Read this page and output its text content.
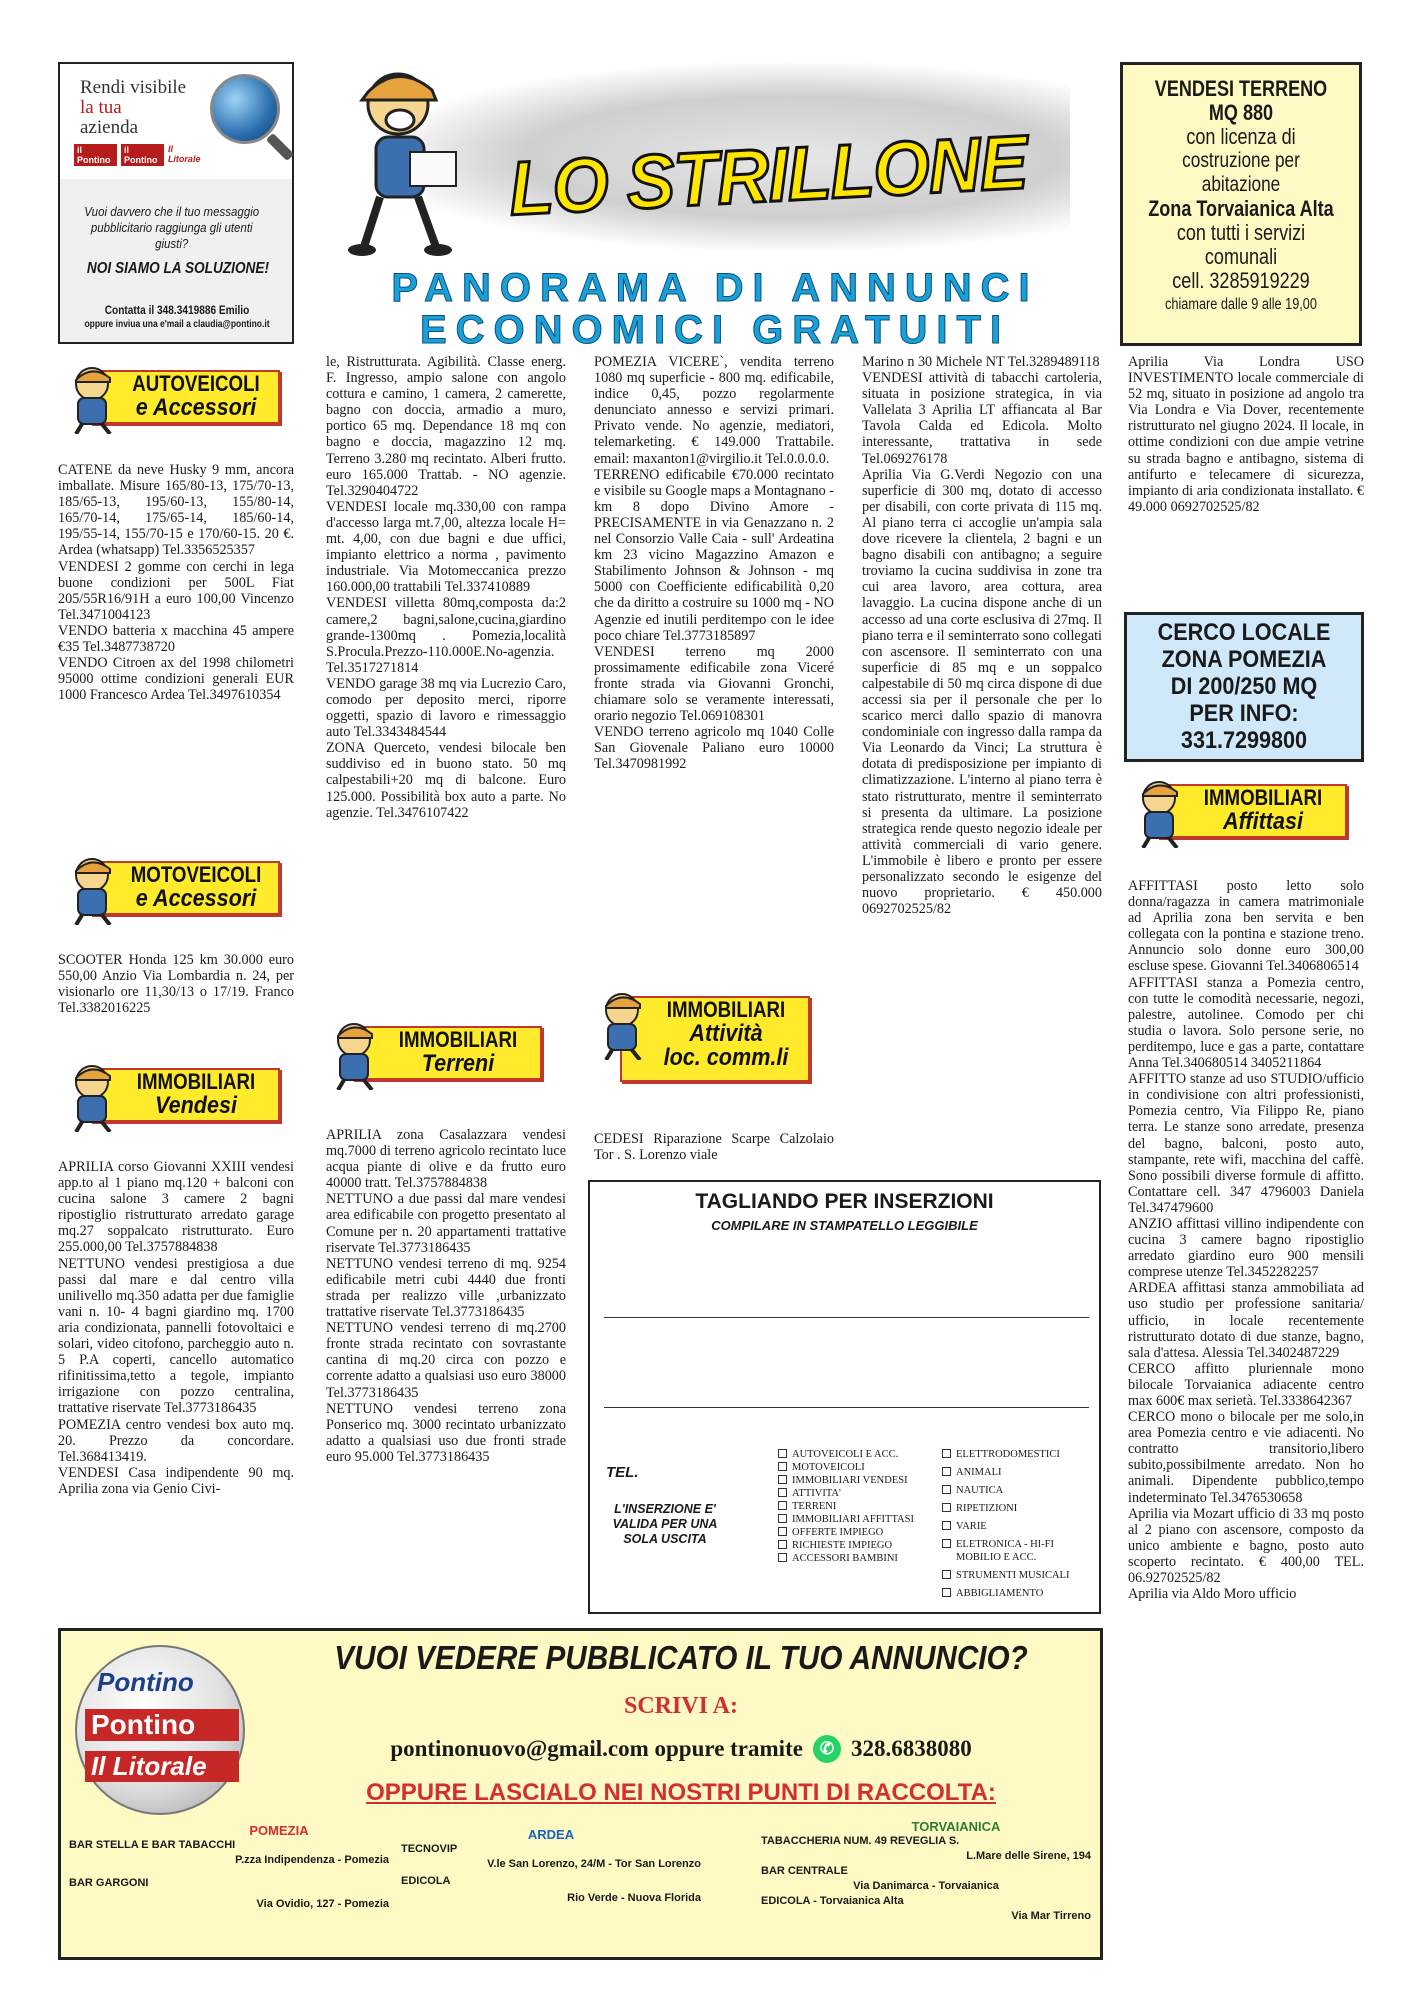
Rendi visibile
la tua
azienda
il Pontino
il Pontino
Il Litorale
Vuoi davvero che il tuo messaggio pubblicitario raggiunga gli utenti giusti?
NOI SIAMO LA SOLUZIONE!
Contatta il 348.3419886 Emilio
oppure inviua una e'mail a claudia@pontino.it
LO STRILLONE
PANORAMA DI ANNUNCI
ECONOMICI GRATUITI
VENDESI TERRENO
MQ 880
con licenza di
costruzione per abitazione
Zona Torvaianica Alta
con tutti i servizi
comunali
cell. 3285919229
chiamare dalle 9 alle 19,00
AUTOVEICOLI
e Accessori
MOTOVEICOLI
e Accessori
IMMOBILIARI
Vendesi
IMMOBILIARI
Terreni
IMMOBILIARI
Attività
loc. comm.li
IMMOBILIARI
Affittasi

CATENE da neve Husky 9 mm, ancora imballate. Misure 165/80-13, 175/70-13, 185/65-13, 195/60-13, 155/80-14, 165/70-14, 175/65-14, 185/60-14, 195/55-14, 155/70-15 e 170/60-15. 20 €. Ardea (whatsapp) Tel.3356525357

VENDESI 2 gomme con cerchi in lega buone condizioni per 500L Fiat 205/55R16/91H a euro 100,00 Vincenzo Tel.3471004123

VENDO batteria x macchina 45 ampere €35 Tel.3487738720

VENDO Citroen ax del 1998 chilometri 95000 ottime condizioni generali EUR 1000 Francesco Ardea Tel.3497610354

SCOOTER Honda 125 km 30.000 euro 550,00 Anzio Via Lombardia n. 24, per visionarlo ore 11,30/13 o 17/19. Franco Tel.3382016225

APRILIA corso Giovanni XXIII vendesi app.to al 1 piano mq.120 + balconi con cucina salone 3 camere 2 bagni ripostiglio ristrutturato arredato garage mq.27 soppalcato ristrutturato. Euro 255.000,00 Tel.3757884838

NETTUNO vendesi prestigiosa a due passi dal mare e dal centro villa unilivello mq.350 adatta per due famiglie vani n. 10- 4 bagni giardino mq. 1700 aria condizionata, pannelli fotovoltaici e solari, video citofono, parcheggio auto n. 5 P.A coperti, cancello automatico rifinitissima,tetto a tegole, impianto irrigazione con pozzo centralina, trattative riservate Tel.3773186435

POMEZIA centro vendesi box auto mq. 20. Prezzo da concordare. Tel.368413419.

VENDESI Casa indipendente 90 mq. Aprilia zona via Genio Civi-

le, Ristrutturata. Agibilità. Classe energ. F. Ingresso, ampio salone con angolo cottura e camino, 1 camera, 2 camerette, bagno con doccia, armadio a muro, portico 65 mq. Dependance 18 mq con bagno e doccia, magazzino 12 mq. Terreno 3.280 mq recintato. Alberi frutto. euro 165.000 Trattab. - NO agenzie. Tel.3290404722

VENDESI locale mq.330,00 con rampa d'accesso larga mt.7,00, altezza locale H= mt. 4,00, con due bagni e due uffici, impianto elettrico a norma , pavimento industriale. Via Motomeccanica prezzo 160.000,00 trattabili Tel.337410889

VENDESI villetta 80mq,composta da:2 camere,2 bagni,salone,cucina,giardino grande-1300mq . Pomezia,località S.Procula.Prezzo-110.000E.No-agenzia. Tel.3517271814

VENDO garage 38 mq via Lucrezio Caro, comodo per deposito merci, riporre oggetti, spazio di lavoro e rimessaggio auto Tel.3343484544

ZONA Querceto, vendesi bilocale ben suddiviso ed in buono stato. 50 mq calpestabili+20 mq di balcone. Euro 125.000. Possibilità box auto a parte. No agenzie. Tel.3476107422

APRILIA zona Casalazzara vendesi mq.7000 di terreno agricolo recintato luce acqua piante di olive e da frutto euro 40000 tratt. Tel.3757884838

NETTUNO a due passi dal mare vendesi area edificabile con progetto presentato al Comune per n. 20 appartamenti trattative riservate Tel.3773186435

NETTUNO vendesi terreno di mq. 9254 edificabile metri cubi 4440 due fronti strada per realizzo ville ,urbanizzato trattative riservate Tel.3773186435

NETTUNO vendesi terreno di mq.2700 fronte strada recintato con sovrastante cantina di mq.20 circa con pozzo e corrente adatto a qualsiasi uso euro 38000 Tel.3773186435

NETTUNO vendesi terreno zona Ponserico mq. 3000 recintato urbanizzato adatto a qualsiasi uso due fronti strade euro 95.000 Tel.3773186435

POMEZIA VICERE`, vendita terreno 1080 mq superficie - 800 mq. edificabile, indice 0,45, pozzo regolarmente denunciato annesso e servizi primari. Privato vende. No agenzie, mediatori, telemarketing. € 149.000 Trattabile. email: maxanton1@virgilio.it Tel.0.0.0.0.

TERRENO edificabile €70.000 recintato e visibile su Google maps a Montagnano - km 8 dopo Divino Amore - PRECISAMENTE in via Genazzano n. 2 nel Consorzio Valle Caia - sull' Ardeatina km 23 vicino Magazzino Amazon e Stabilimento Johnson & Johnson - mq 5000 con Coefficiente edificabilità 0,20 che da diritto a costruire su 1000 mq - NO Agenzie ed inutili perditempo con le idee poco chiare Tel.3773185897

VENDESI terreno mq 2000 prossimamente edificabile zona Viceré fronte strada via Giovanni Gronchi, chiamare solo se veramente interessati, orario negozio Tel.069108301

VENDO terreno agricolo mq 1040 Colle San Giovenale Paliano euro 10000 Tel.3470981992

CEDESI Riparazione Scarpe Calzolaio Tor . S. Lorenzo viale

Marino n 30 Michele NT Tel.3289489118

VENDESI attività di tabacchi cartoleria, situata in posizione strategica, in via Vallelata 3 Aprilia LT affiancata al Bar Tavola Calda ed Edicola. Molto interessante, trattativa in sede Tel.069276178

Aprilia Via G.Verdi Negozio con una superficie di 300 mq, dotato di accesso per disabili, con corte privata di 115 mq. Al piano terra ci accoglie un'ampia sala dove ricevere la clientela, 2 bagni e un bagno disabili con antibagno; a seguire troviamo la cucina suddivisa in zone tra cui area lavoro, area cottura, area lavaggio. La cucina dispone anche di un accesso ad una corte esclusiva di 27mq. Il piano terra e il seminterrato sono collegati con ascensore. Il seminterrato con una superficie di 85 mq e un soppalco calpestabile di 50 mq circa dispone di due accessi sia per il personale che per lo scarico merci dallo spazio di manovra condominiale con ingresso dalla rampa da Via Leonardo da Vinci; La struttura è dotata di predisposizione per impianto di climatizzazione. L'interno al piano terra è stato ristrutturato, mentre il seminterrato si presenta da ultimare. La posizione strategica rende questo negozio ideale per attività commerciali di vario genere. L'immobile è libero e pronto per essere personalizzato secondo le esigenze del nuovo proprietario. € 450.000 0692702525/82

Aprilia Via Londra USO INVESTIMENTO locale commerciale di 52 mq, situato in posizione ad angolo tra Via Londra e Via Dover, recentemente ristrutturato nel giugno 2024. Il locale, in ottime condizioni con due ampie vetrine su strada bagno e antibagno, sistema di antifurto e telecamere di sicurezza, impianto di aria condizionata installato. € 49.000 0692702525/82

CERCO LOCALE
ZONA POMEZIA
DI 200/250 MQ
PER INFO:
331.7299800

AFFITTASI posto letto solo donna/ragazza in camera matrimoniale ad Aprilia zona ben servita e ben collegata con la pontina e stazione treno. Annuncio solo donne euro 300,00 escluse spese. Giovanni Tel.3406806514

AFFITTASI stanza a Pomezia centro, con tutte le comodità necessarie, negozi, palestre, autolinee. Comodo per chi studia o lavora. Solo persone serie, no perditempo, luce e gas a parte, contattare Anna Tel.340680514 3405211864

AFFITTO stanze ad uso STUDIO/ufficio in condivisione con altri professionisti, Pomezia centro, Via Filippo Re, piano terra. Le stanze sono arredate, presenza del bagno, balconi, posto auto, stampante, rete wifi, macchina del caffè. Sono possibili diverse formule di affitto. Contattare cell. 347 4796003 Daniela Tel.347479600

ANZIO affittasi villino indipendente con cucina 3 camere bagno ripostiglio arredato giardino euro 900 mensili comprese utenze Tel.3452282257

ARDEA affittasi stanza ammobiliata ad uso studio per professione sanitaria/ ufficio, in locale recentemente ristrutturato dotato di due stanze, bagno, sala d'attesa. Alessia Tel.3402487229

CERCO affitto pluriennale mono bilocale Torvaianica adiacente centro max 600€ max serietà. Tel.3338642367

CERCO mono o bilocale per me solo,in area Pomezia centro e vie adiacenti. No contratto transitorio,libero subito,possibilmente arredato. Non ho animali. Dipendente pubblico,tempo indeterminato Tel.3476530658

Aprilia via Mozart ufficio di 33 mq posto al 2 piano con ascensore, composto da unico ambiente e bagno, posto auto scoperto recintato. € 400,00 TEL. 06.92702525/82

Aprilia via Aldo Moro ufficio

TAGLIANDO PER INSERZIONI
COMPILARE IN STAMPATELLO LEGGIBILE
TEL.
L'INSERZIONE E' VALIDA PER UNA SOLA USCITA
AUTOVEICOLI E ACC.
MOTOVEICOLI
IMMOBILIARI VENDESI
ATTIVITA'
TERRENI
IMMOBILIARI AFFITTASI
OFFERTE IMPIEGO
RICHIESTE IMPIEGO
ACCESSORI BAMBINI
ELETTRODOMESTICI
ANIMALI
NAUTICA
RIPETIZIONI
VARIE
ELETRONICA - HI-FI MOBILIO E ACC.
STRUMENTI MUSICALI
ABBIGLIAMENTO
Pontino
Pontino
Il Litorale
VUOI VEDERE PUBBLICATO IL TUO ANNUNCIO?
SCRIVI A:
pontinonuovo@gmail.com oppure tramite ✆ 328.6838080
OPPURE LASCIALO NEI NOSTRI PUNTI DI RACCOLTA:
POMEZIA
BAR STELLA E BAR TABACCHI
P.zza Indipendenza - Pomezia
BAR GARGONI
Via Ovidio, 127 - Pomezia
ARDEA
TECNOVIP
V.le San Lorenzo, 24/M - Tor San Lorenzo
EDICOLA
Rio Verde - Nuova Florida
TORVAIANICA
TABACCHERIA NUM. 49 REVEGLIA S.
L.Mare delle Sirene, 194
BAR CENTRALE
Via Danimarca - Torvaianica
EDICOLA - Torvaianica Alta
Via Mar Tirreno
